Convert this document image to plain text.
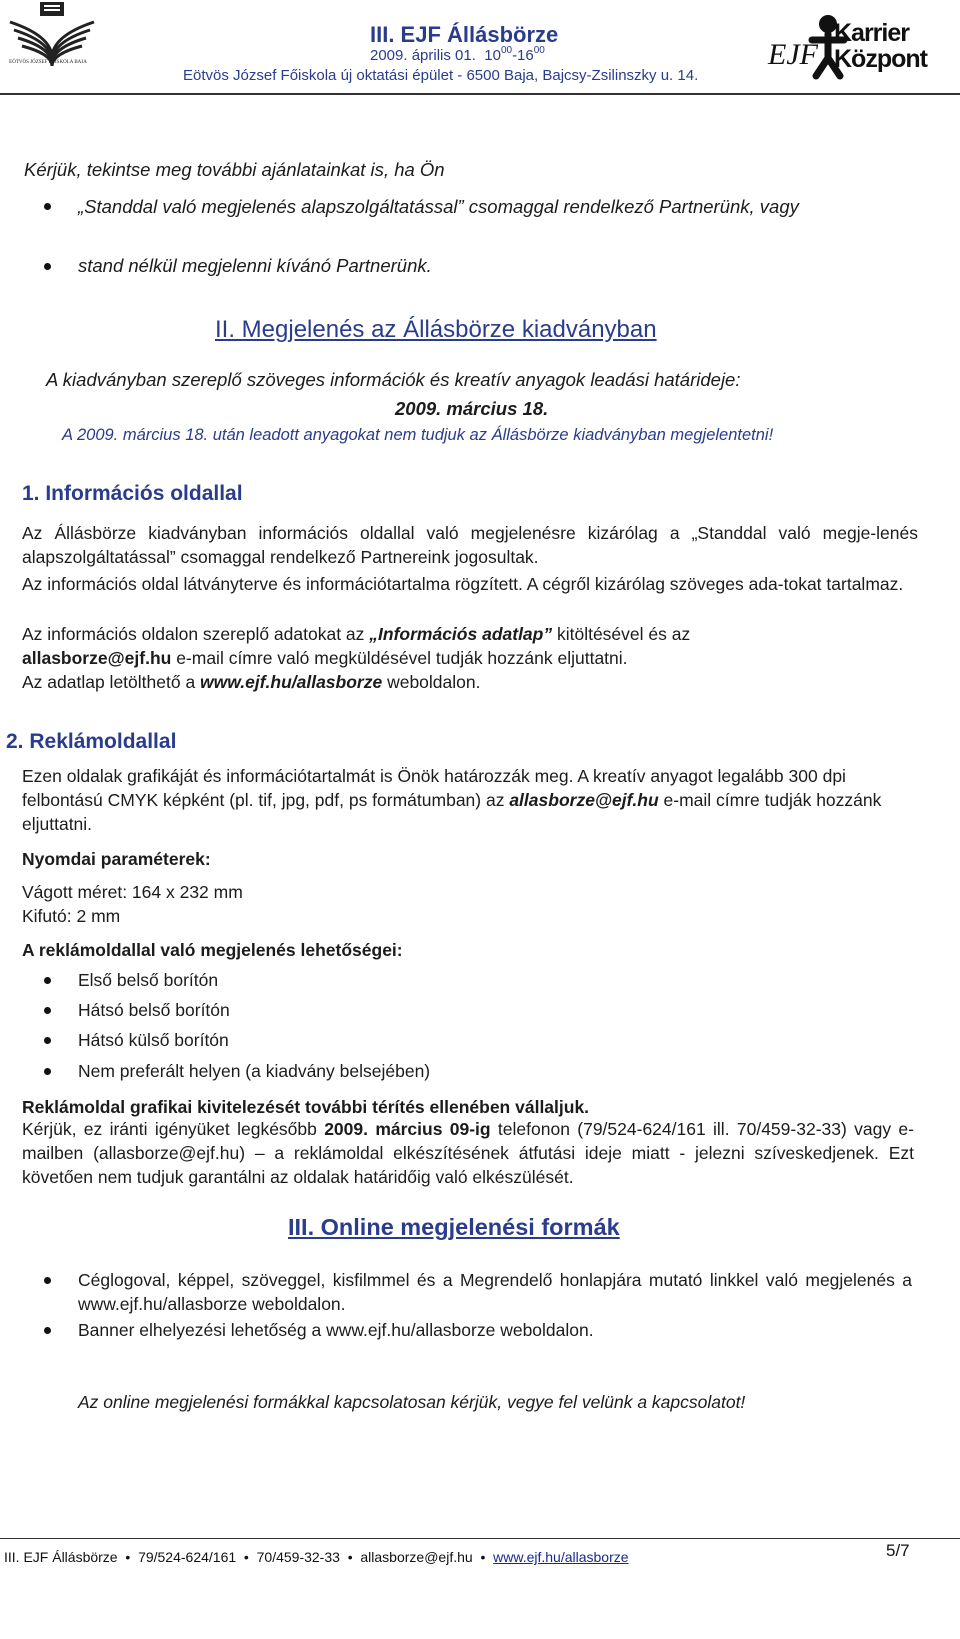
EÖTVÖS JÓZSEF FŐISKOLA BAJA
III. EJF Állásbörze
2009. április 01. $10^{00}-16^{00}$
Eötvös József Főiskola új oktatási épület - 6500 Baja, Bajcsy-Zsilinszky u. 14.
EJF
Karrier Központ
Kérjük, tekintse meg további ajánlatainkat is, ha Ön
„Standdal való megjelenés alapszolgáltatással” csomaggal rendelkező Partnerünk, vagy
stand nélkül megjelenni kívánó Partnerünk.
II. Megjelenés az Állásbörze kiadványban
A kiadványban szereplő szöveges információk és kreatív anyagok leadási határideje:
2009. március 18.
A 2009. március 18. után leadott anyagokat nem tudjuk az Állásbörze kiadványban megjelentetni!
1. Információs oldallal
Az Állásbörze kiadványban információs oldallal való megjelenésre kizárólag a „Standdal való megje-lenés alapszolgáltatással” csomaggal rendelkező Partnereink jogosultak.
Az információs oldal látványterve és információtartalma rögzített. A cégről kizárólag szöveges ada-tokat tartalmaz.
Az információs oldalon szereplő adatokat az „Információs adatlap” kitöltésével és az
allasborze@ejf.hu e-mail címre való megküldésével tudják hozzánk eljuttatni.
Az adatlap letölthető a www.ejf.hu/allasborze weboldalon.
2. Reklámoldallal
Ezen oldalak grafikáját és információtartalmát is Önök határozzák meg. A kreatív anyagot legalább 300 dpi felbontású CMYK képként (pl. tif, jpg, pdf, ps formátumban) az allasborze@ejf.hu e-mail címre tudják hozzánk eljuttatni.
Nyomdai paraméterek:
Vágott méret: 164 x 232 mm
Kifutó: 2 mm
A reklámoldallal való megjelenés lehetőségei:
Első belső borítón
Hátsó belső borítón
Hátsó külső borítón
Nem preferált helyen (a kiadvány belsejében)
Reklámoldal grafikai kivitelezését további térítés ellenében vállaljuk.
Kérjük, ez iránti igényüket legkésőbb 2009. március 09-ig telefonon (79/524-624/161 ill. 70/459-32-33) vagy e-mailben (allasborze@ejf.hu) – a reklámoldal elkészítésének átfutási ideje miatt - jelezni szíveskedjenek. Ezt követően nem tudjuk garantálni az oldalak határidőig való elkészülését.
III. Online megjelenési formák
Céglogoval, képpel, szöveggel, kisfilmmel és a Megrendelő honlapjára mutató linkkel való megjelenés a www.ejf.hu/allasborze weboldalon.
Banner elhelyezési lehetőség a www.ejf.hu/allasborze weboldalon.
Az online megjelenési formákkal kapcsolatosan kérjük, vegye fel velünk a kapcsolatot!
III. EJF Állásbörze  •  79/524-624/161  •  70/459-32-33  •  allasborze@ejf.hu  •  www.ejf.hu/allasborze	5/7
